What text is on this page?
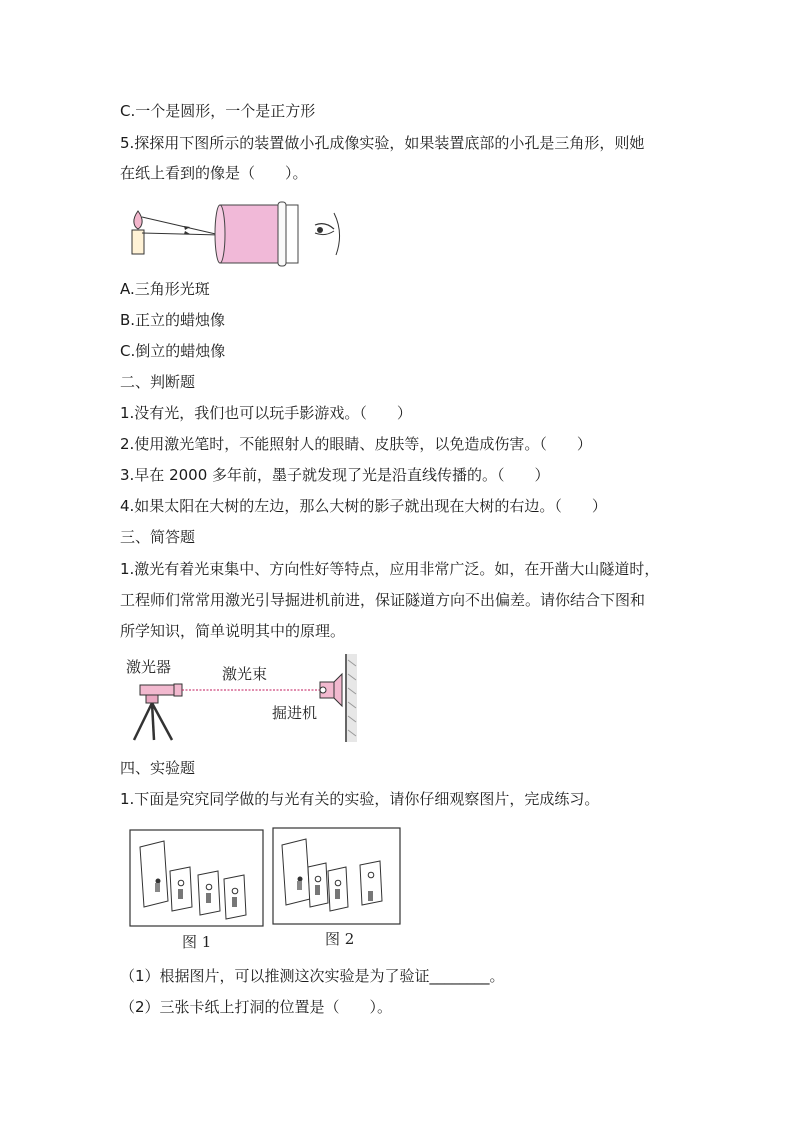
C.一个是圆形，一个是正方形
5.探探用下图所示的装置做小孔成像实验，如果装置底部的小孔是三角形，则她
在纸上看到的像是（　　）。
A.三角形光斑
B.正立的蜡烛像
C.倒立的蜡烛像
二、判断题
1.没有光，我们也可以玩手影游戏。（　　）
2.使用激光笔时，不能照射人的眼睛、皮肤等，以免造成伤害。（　　）
3.早在 2000 多年前，墨子就发现了光是沿直线传播的。（　　）
4.如果太阳在大树的左边，那么大树的影子就出现在大树的右边。（　　）
三、简答题
1.激光有着光束集中、方向性好等特点，应用非常广泛。如，在开凿大山隧道时，
工程师们常常用激光引导掘进机前进，保证隧道方向不出偏差。请你结合下图和
所学知识，简单说明其中的原理。
激光器	激光束
掘进机
四、实验题
1.下面是究究同学做的与光有关的实验，请你仔细观察图片，完成练习。
图 1	图 2
（1）根据图片，可以推测这次实验是为了验证________。
（2）三张卡纸上打洞的位置是（　　）。
